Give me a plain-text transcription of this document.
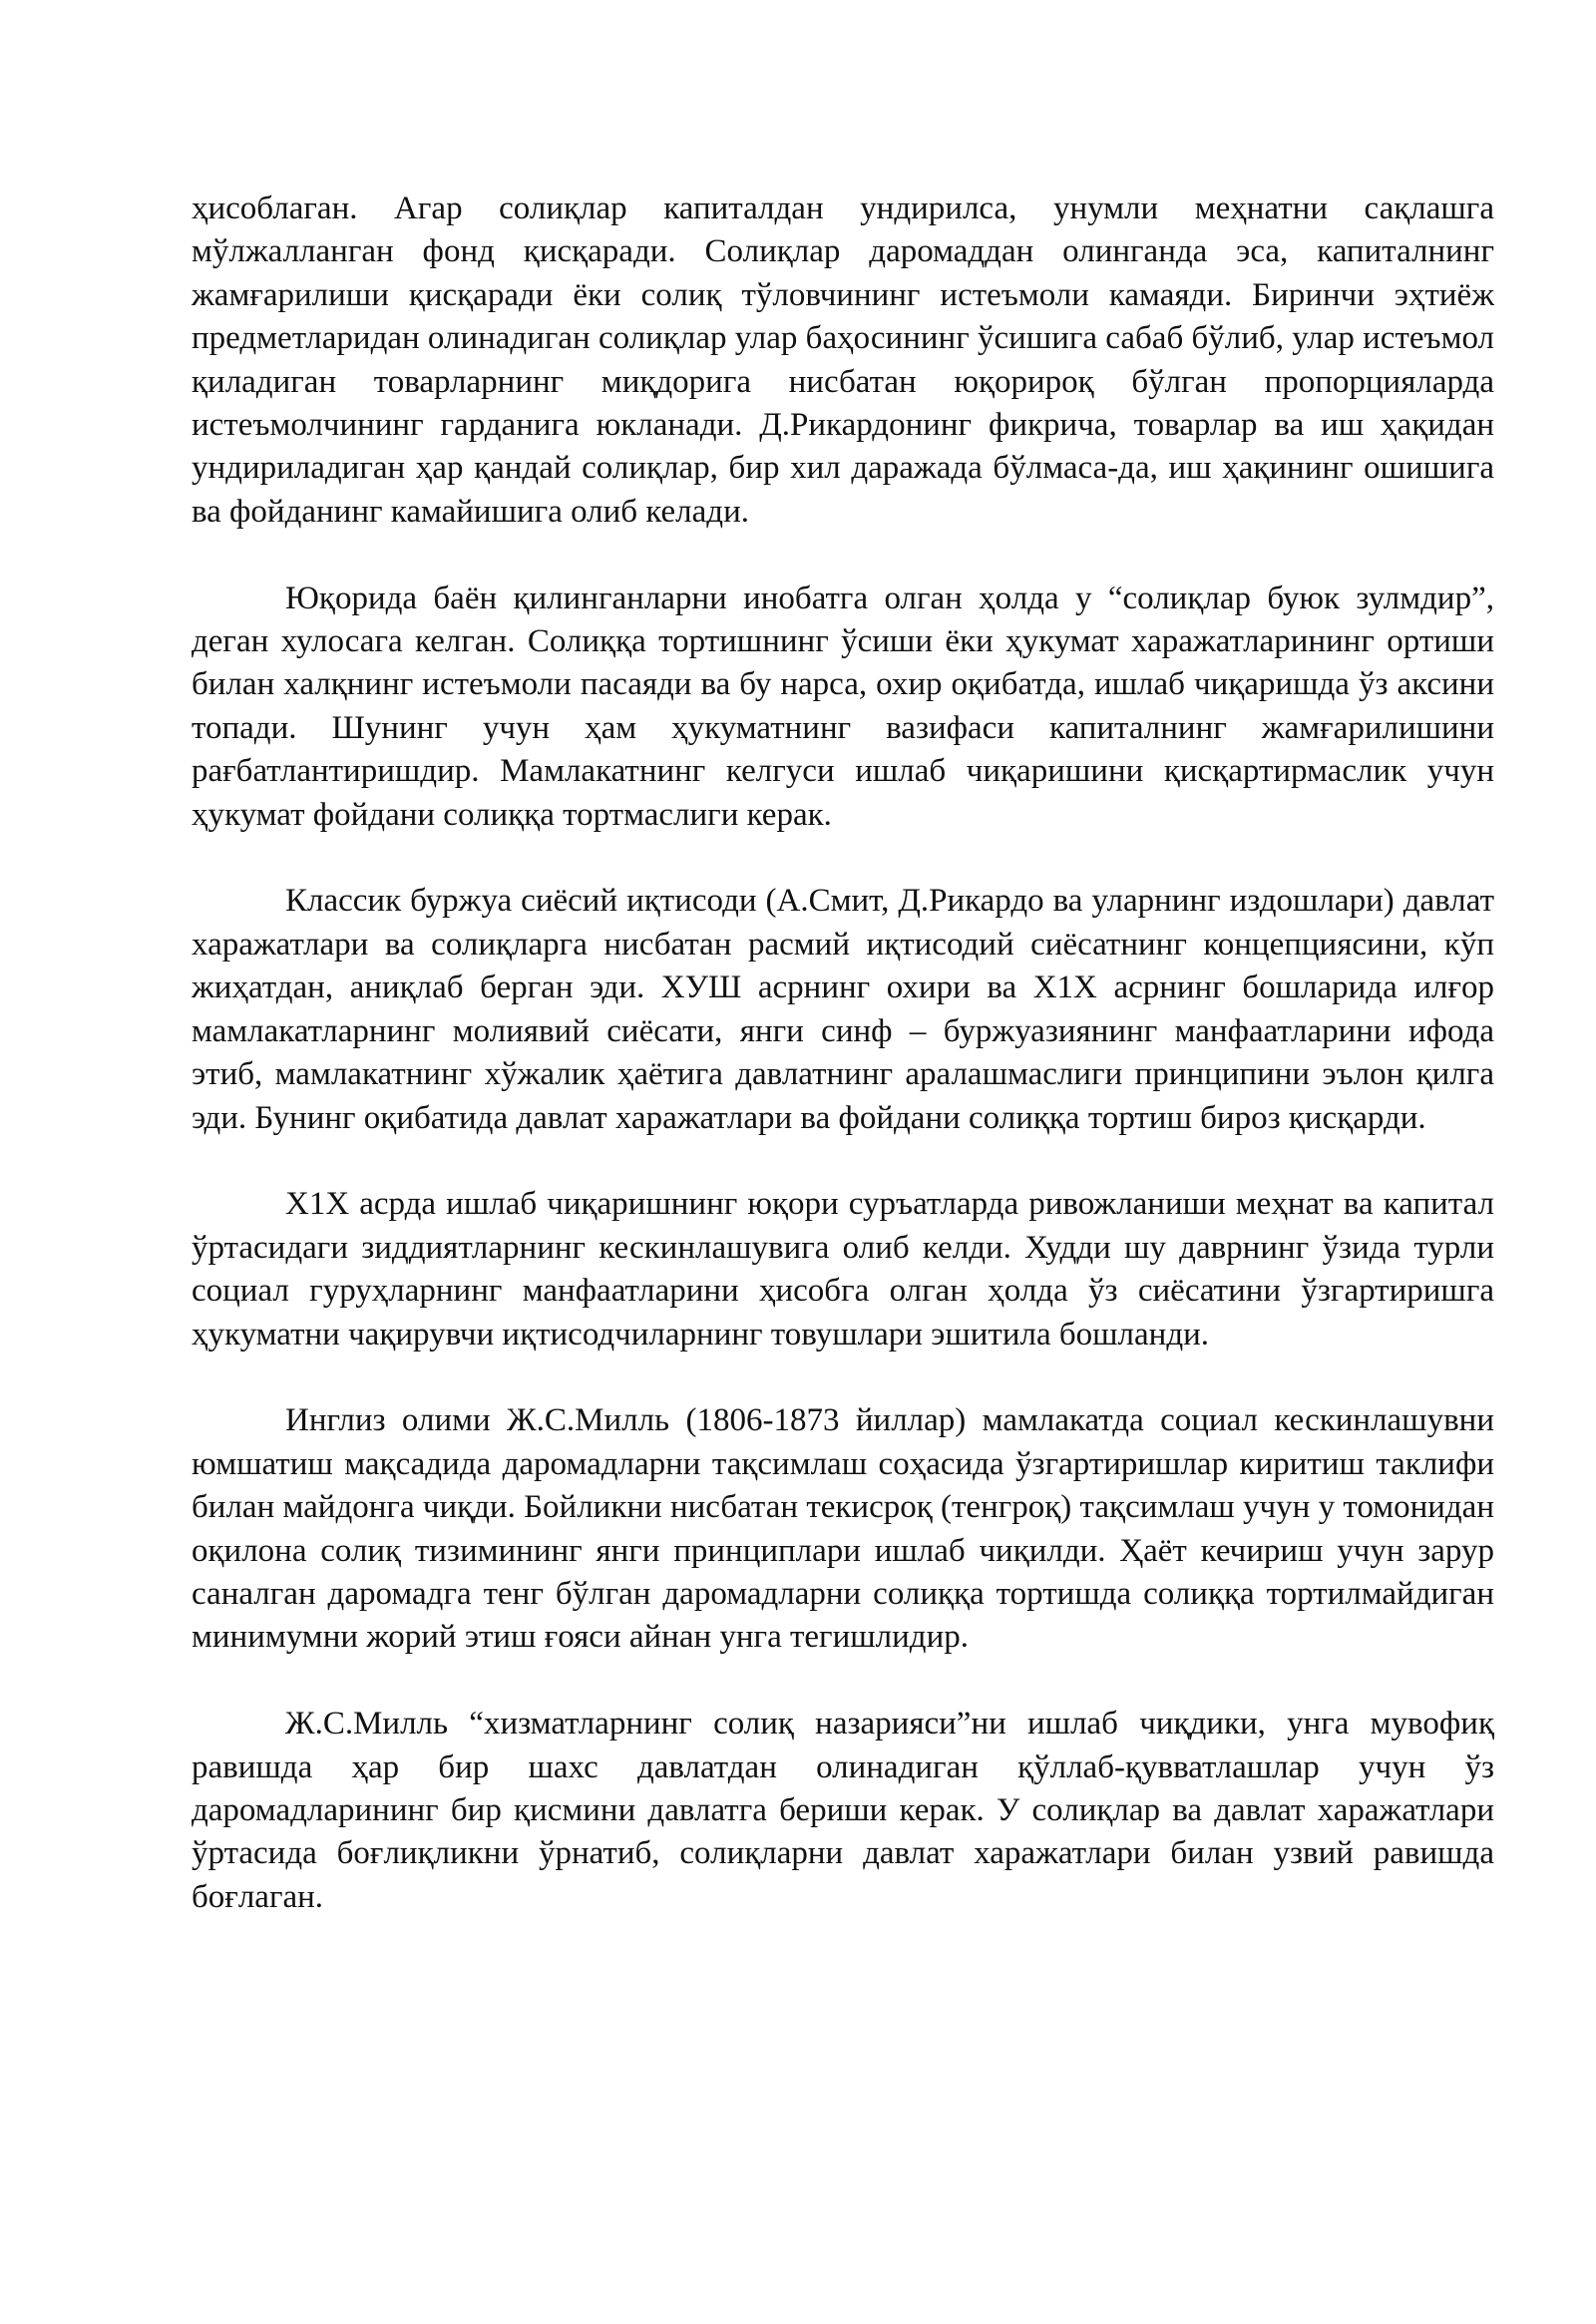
ҳисоблаган. Агар солиқлар капиталдан ундирилса, унумли меҳнатни сақлашга мўлжалланган фонд қисқаради. Солиқлар даромаддан олинганда эса, капиталнинг жамғарилиши қисқаради ёки солиқ тўловчининг истеъмоли камаяди. Биринчи эҳтиёж предметларидан олинадиган солиқлар улар баҳосининг ўсишига сабаб бўлиб, улар истеъмол қиладиган товарларнинг миқдорига нисбатан юқорироқ бўлган пропорцияларда истеъмолчининг гарданига юкланади. Д.Рикардонинг фикрича, товарлар ва иш ҳақидан ундириладиган ҳар қандай солиқлар, бир хил даражада бўлмаса-да, иш ҳақининг ошишига ва фойданинг камайишига олиб келади.

Юқорида баён қилинганларни инобатга олган ҳолда у “солиқлар буюк зулмдир”, деган хулосага келган. Солиққа тортишнинг ўсиши ёки ҳукумат харажатларининг ортиши билан халқнинг истеъмоли пасаяди ва бу нарса, охир оқибатда, ишлаб чиқаришда ўз аксини топади. Шунинг учун ҳам ҳукуматнинг вазифаси капиталнинг жамғарилишини рағбатлантиришдир. Мамлакатнинг келгуси ишлаб чиқаришини қисқартирмаслик учун ҳукумат фойдани солиққа тортмаслиги керак.

Классик буржуа сиёсий иқтисоди (А.Смит, Д.Рикардо ва уларнинг издошлари) давлат харажатлари ва солиқларга нисбатан расмий иқтисодий сиёсатнинг концепциясини, кўп жиҳатдан, аниқлаб берган эди. ХУШ асрнинг охири ва Х1Х асрнинг бошларида илғор мамлакатларнинг молиявий сиёсати, янги синф – буржуазиянинг манфаатларини ифода этиб, мамлакатнинг хўжалик ҳаётига давлатнинг аралашмаслиги принципини эълон қилга эди. Бунинг оқибатида давлат харажатлари ва фойдани солиққа тортиш бироз қисқарди.

Х1Х асрда ишлаб чиқаришнинг юқори суръатларда ривожланиши меҳнат ва капитал ўртасидаги зиддиятларнинг кескинлашувига олиб келди. Худди шу даврнинг ўзида турли социал гуруҳларнинг манфаатларини ҳисобга олган ҳолда ўз сиёсатини ўзгартиришга ҳукуматни чақирувчи иқтисодчиларнинг товушлари эшитила бошланди.

Инглиз олими Ж.С.Милль (1806-1873 йиллар) мамлакатда социал кескинлашувни юмшатиш мақсадида даромадларни тақсимлаш соҳасида ўзгартиришлар киритиш таклифи билан майдонга чиқди. Бойликни нисбатан текисроқ (тенгроқ) тақсимлаш учун у томонидан оқилона солиқ тизимининг янги принциплари ишлаб чиқилди. Ҳаёт кечириш учун зарур саналган даромадга тенг бўлган даромадларни солиққа тортишда солиққа тортилмайдиган минимумни жорий этиш ғояси айнан унга тегишлидир.

Ж.С.Милль “хизматларнинг солиқ назарияси”ни ишлаб чиқдики, унга мувофиқ равишда ҳар бир шахс давлатдан олинадиган қўллаб-қувватлашлар учун ўз даромадларининг бир қисмини давлатга бериши керак. У солиқлар ва давлат харажатлари ўртасида боғлиқликни ўрнатиб, солиқларни давлат харажатлари билан узвий равишда боғлаган.
